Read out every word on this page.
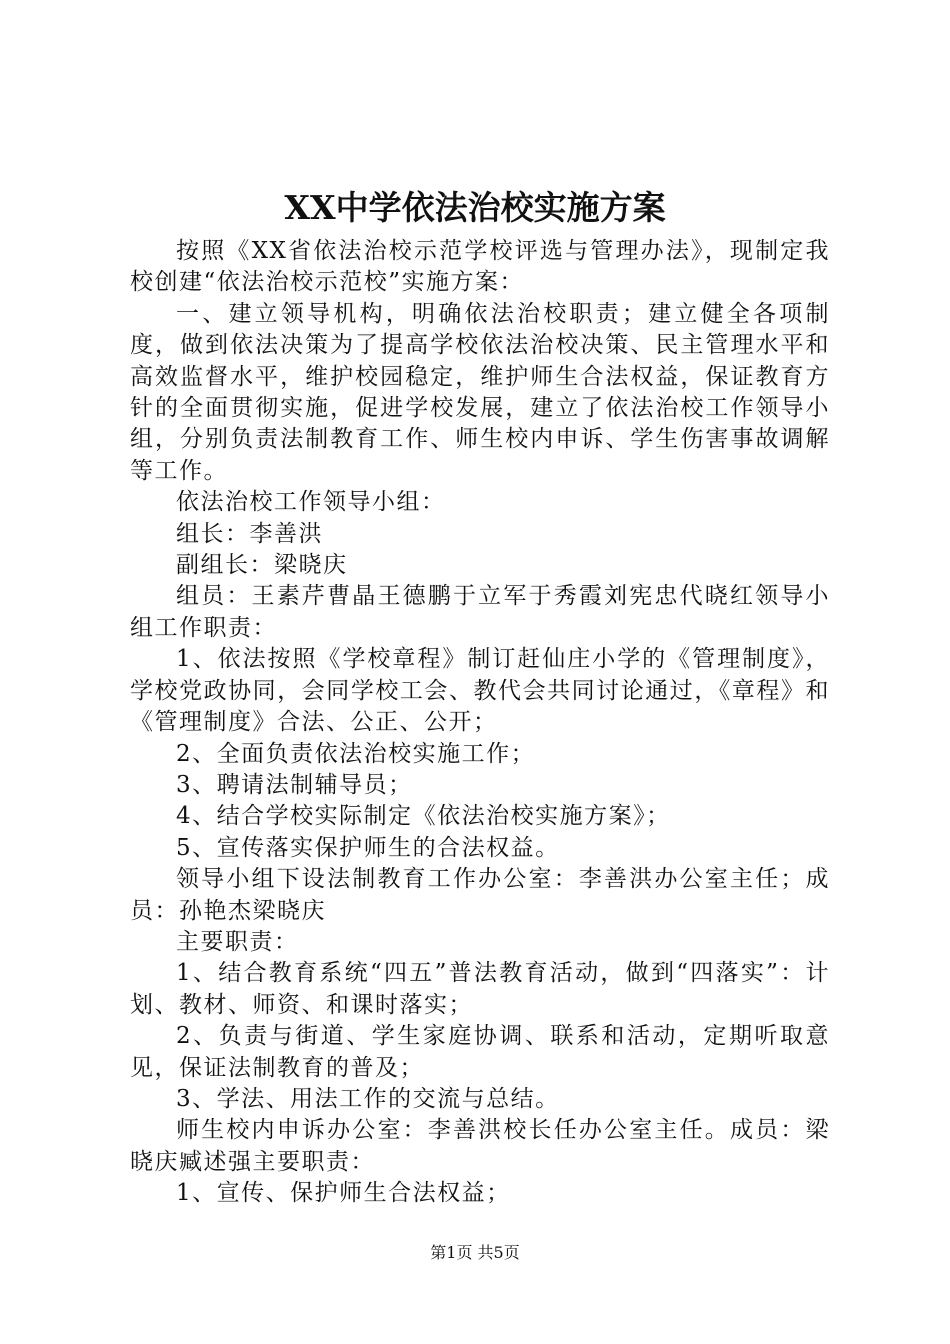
XX中学依法治校实施方案

按照《XX省依法治校示范学校评选与管理办法》，现制定我校创建“依法治校示范校”实施方案：

一、建立领导机构，明确依法治校职责；建立健全各项制度，做到依法决策为了提高学校依法治校决策、民主管理水平和高效监督水平，维护校园稳定，维护师生合法权益，保证教育方针的全面贯彻实施，促进学校发展，建立了依法治校工作领导小组，分别负责法制教育工作、师生校内申诉、学生伤害事故调解等工作。

依法治校工作领导小组：

组长：李善洪

副组长：梁晓庆

组员：王素芹曹晶王德鹏于立军于秀霞刘宪忠代晓红领导小组工作职责：

1、依法按照《学校章程》制订赶仙庄小学的《管理制度》，学校党政协同，会同学校工会、教代会共同讨论通过，《章程》和《管理制度》合法、公正、公开；

2、全面负责依法治校实施工作；

3、聘请法制辅导员；

4、结合学校实际制定《依法治校实施方案》；

5、宣传落实保护师生的合法权益。

领导小组下设法制教育工作办公室：李善洪办公室主任；成员：孙艳杰梁晓庆

主要职责：

1、结合教育系统“四五”普法教育活动，做到“四落实”：计划、教材、师资、和课时落实；

2、负责与街道、学生家庭协调、联系和活动，定期听取意见，保证法制教育的普及；

3、学法、用法工作的交流与总结。

师生校内申诉办公室：李善洪校长任办公室主任。成员：梁晓庆臧述强主要职责：

1、宣传、保护师生合法权益；

第1页 共5页
